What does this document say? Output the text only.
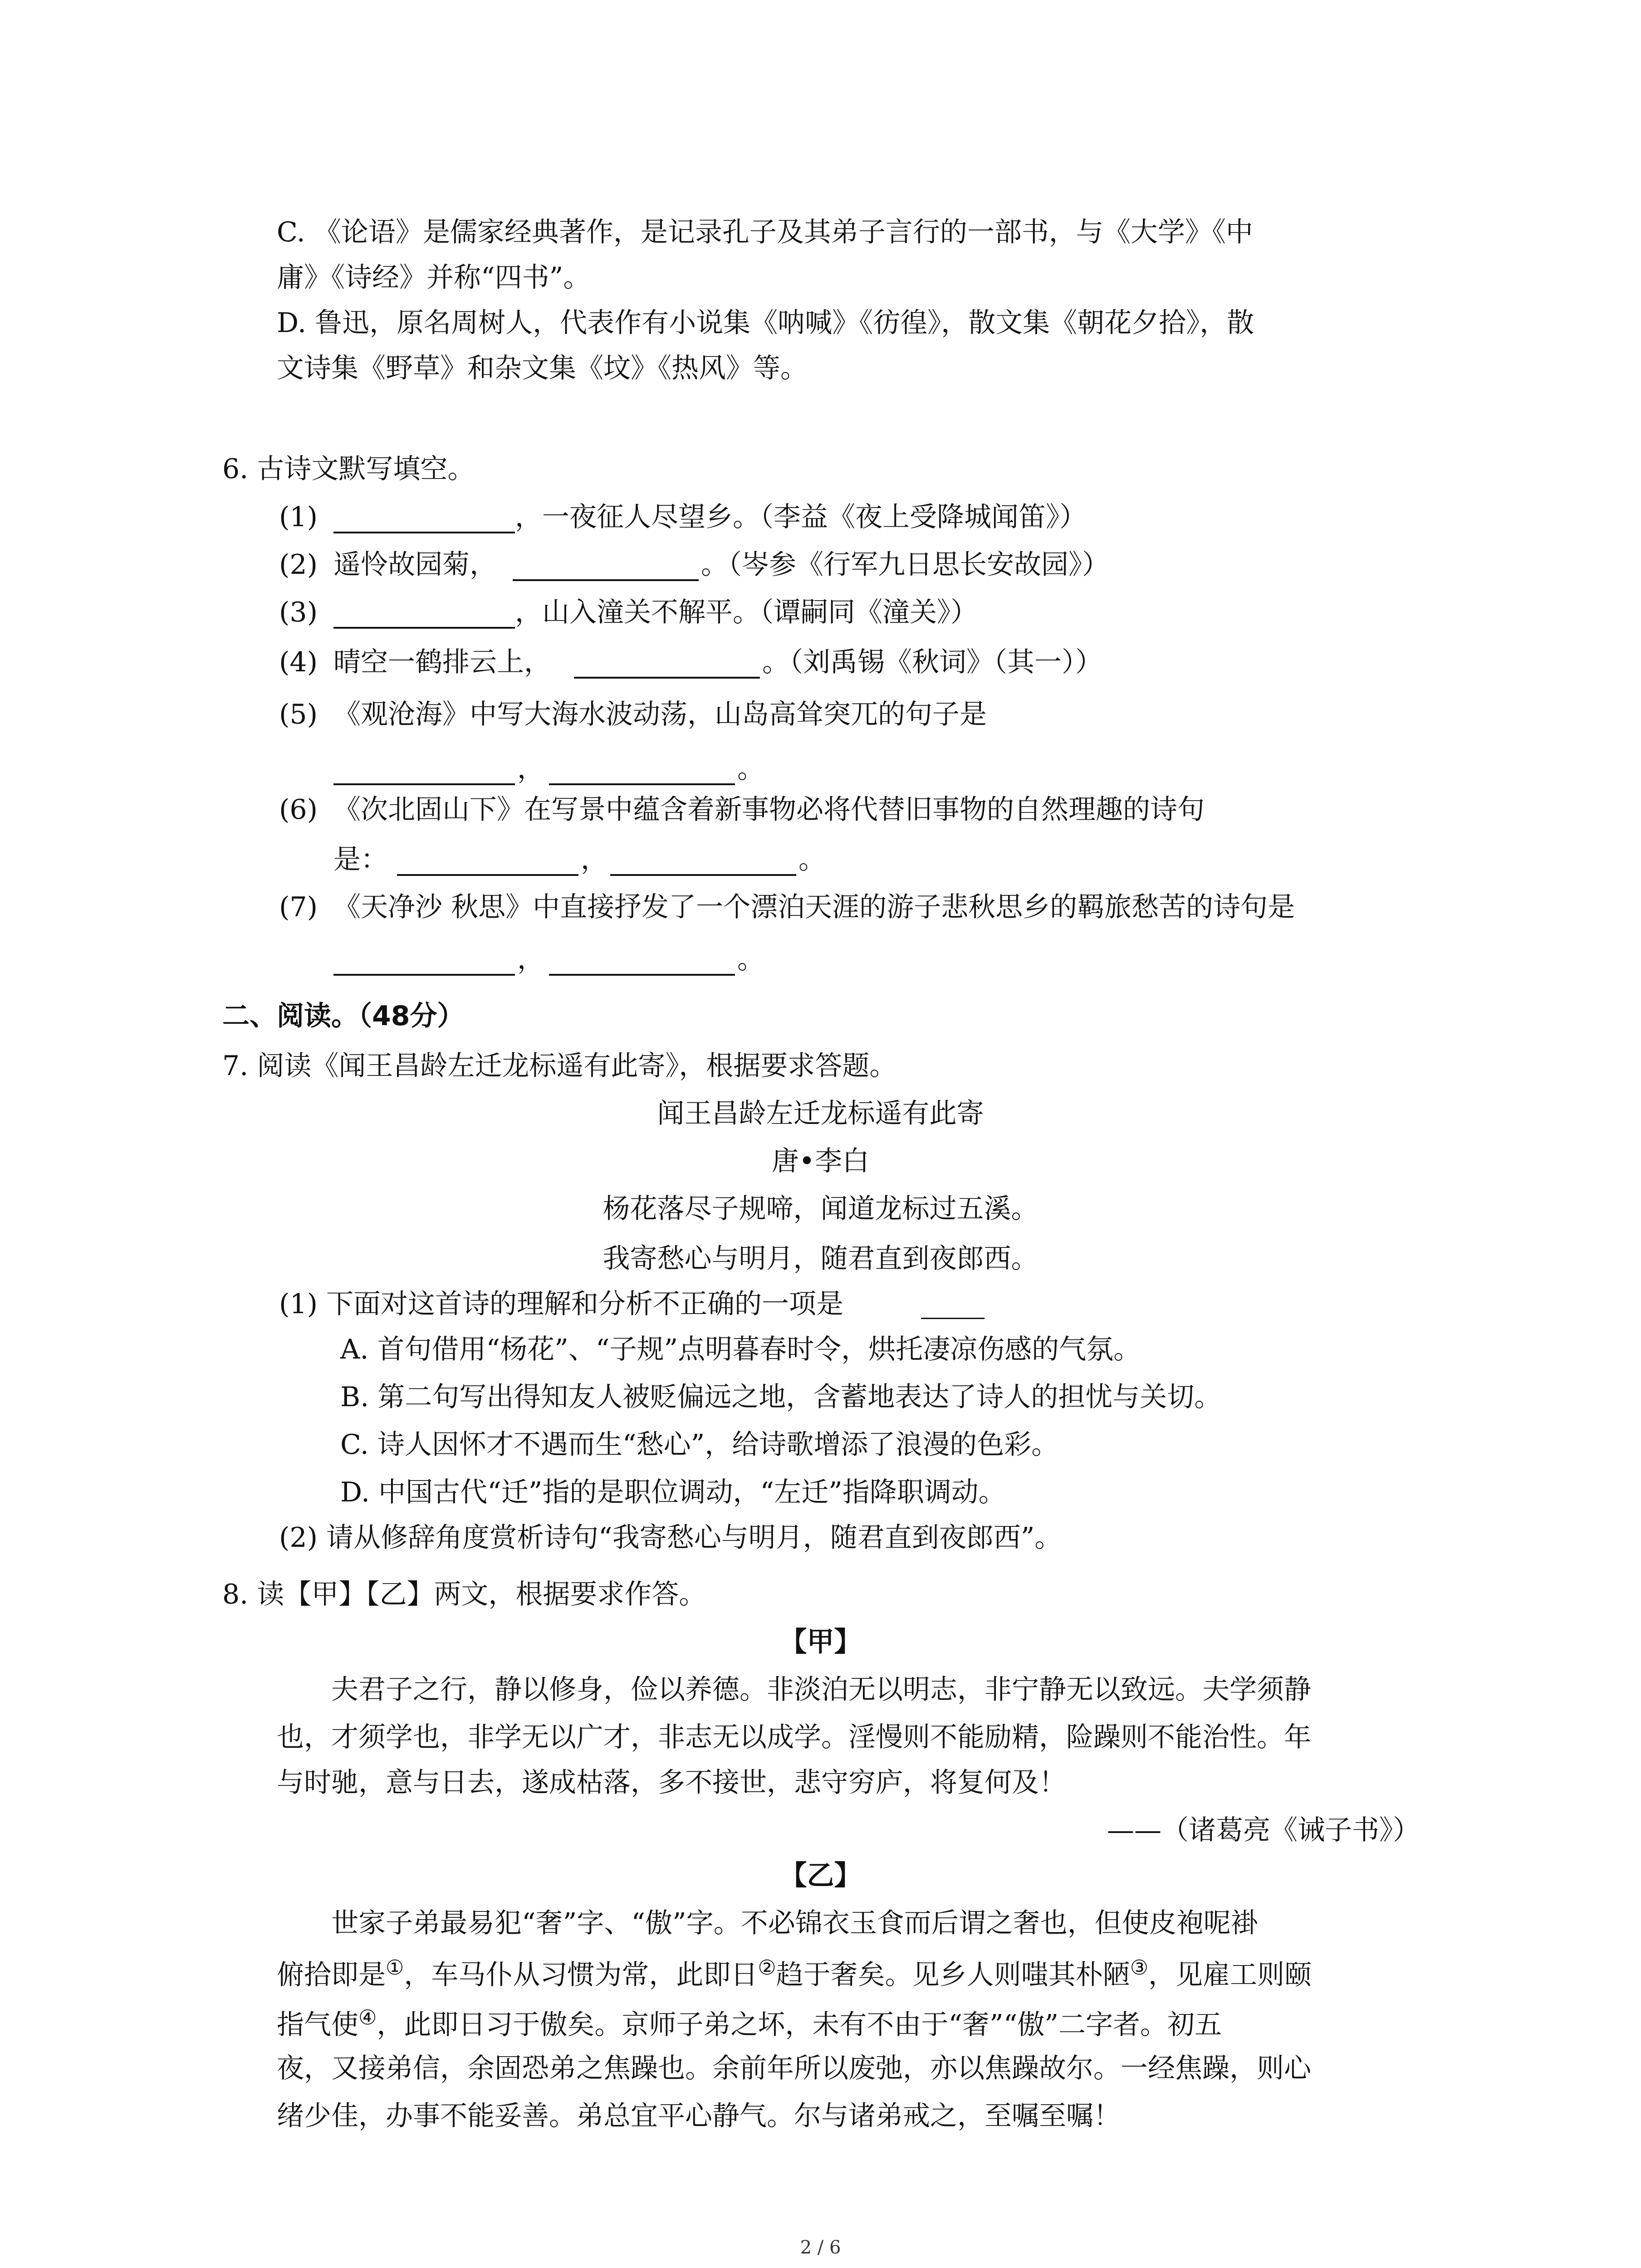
C. 《论语》是儒家经典著作，是记录孔子及其弟子言行的一部书，与《大学》《中
庸》《诗经》并称“四书”。
D. 鲁迅，原名周树人，代表作有小说集《呐喊》《彷徨》，散文集《朝花夕拾》，散
文诗集《野草》和杂文集《坟》《热风》等。
6. 古诗文默写填空。
(1)	，一夜征人尽望乡。（李益《夜上受降城闻笛》）
(2) 遥怜故园菊，	。（岑参《行军九日思长安故园》）
(3)	，山入潼关不解平。（谭嗣同《潼关》）
(4) 晴空一鹤排云上，	。（刘禹锡《秋词》（其一））
(5) 《观沧海》中写大海水波动荡，山岛高耸突兀的句子是
，	。
(6) 《次北固山下》在写景中蕴含着新事物必将代替旧事物的自然理趣的诗句
是：	，	。
(7) 《天净沙 秋思》中直接抒发了一个漂泊天涯的游子悲秋思乡的羁旅愁苦的诗句是
，	。
二、阅读。（48分）
7. 阅读《闻王昌龄左迁龙标遥有此寄》，根据要求答题。
闻王昌龄左迁龙标遥有此寄
唐•李白
杨花落尽子规啼，闻道龙标过五溪。
我寄愁心与明月，随君直到夜郎西。
(1) 下面对这首诗的理解和分析不正确的一项是
A. 首句借用“杨花”、“子规”点明暮春时令，烘托凄凉伤感的气氛。
B. 第二句写出得知友人被贬偏远之地，含蓄地表达了诗人的担忧与关切。
C. 诗人因怀才不遇而生“愁心”，给诗歌增添了浪漫的色彩。
D. 中国古代“迁”指的是职位调动，“左迁”指降职调动。
(2) 请从修辞角度赏析诗句“我寄愁心与明月，随君直到夜郎西”。
8. 读【甲】【乙】两文，根据要求作答。
【甲】
夫君子之行，静以修身，俭以养德。非淡泊无以明志，非宁静无以致远。夫学须静
也，才须学也，非学无以广才，非志无以成学。淫慢则不能励精，险躁则不能治性。年
与时驰，意与日去，遂成枯落，多不接世，悲守穷庐，将复何及！
——（诸葛亮《诫子书》）
【乙】
世家子弟最易犯“奢”字、“傲”字。不必锦衣玉食而后谓之奢也，但使皮袍呢褂
俯拾即是①，车马仆从习惯为常，此即日②趋于奢矣。见乡人则嗤其朴陋③，见雇工则颐
指气使④，此即日习于傲矣。京师子弟之坏，未有不由于“奢”“傲”二字者。初五
夜，又接弟信，余固恐弟之焦躁也。余前年所以废弛，亦以焦躁故尔。一经焦躁，则心
绪少佳，办事不能妥善。弟总宜平心静气。尔与诸弟戒之，至嘱至嘱！
2 / 6
